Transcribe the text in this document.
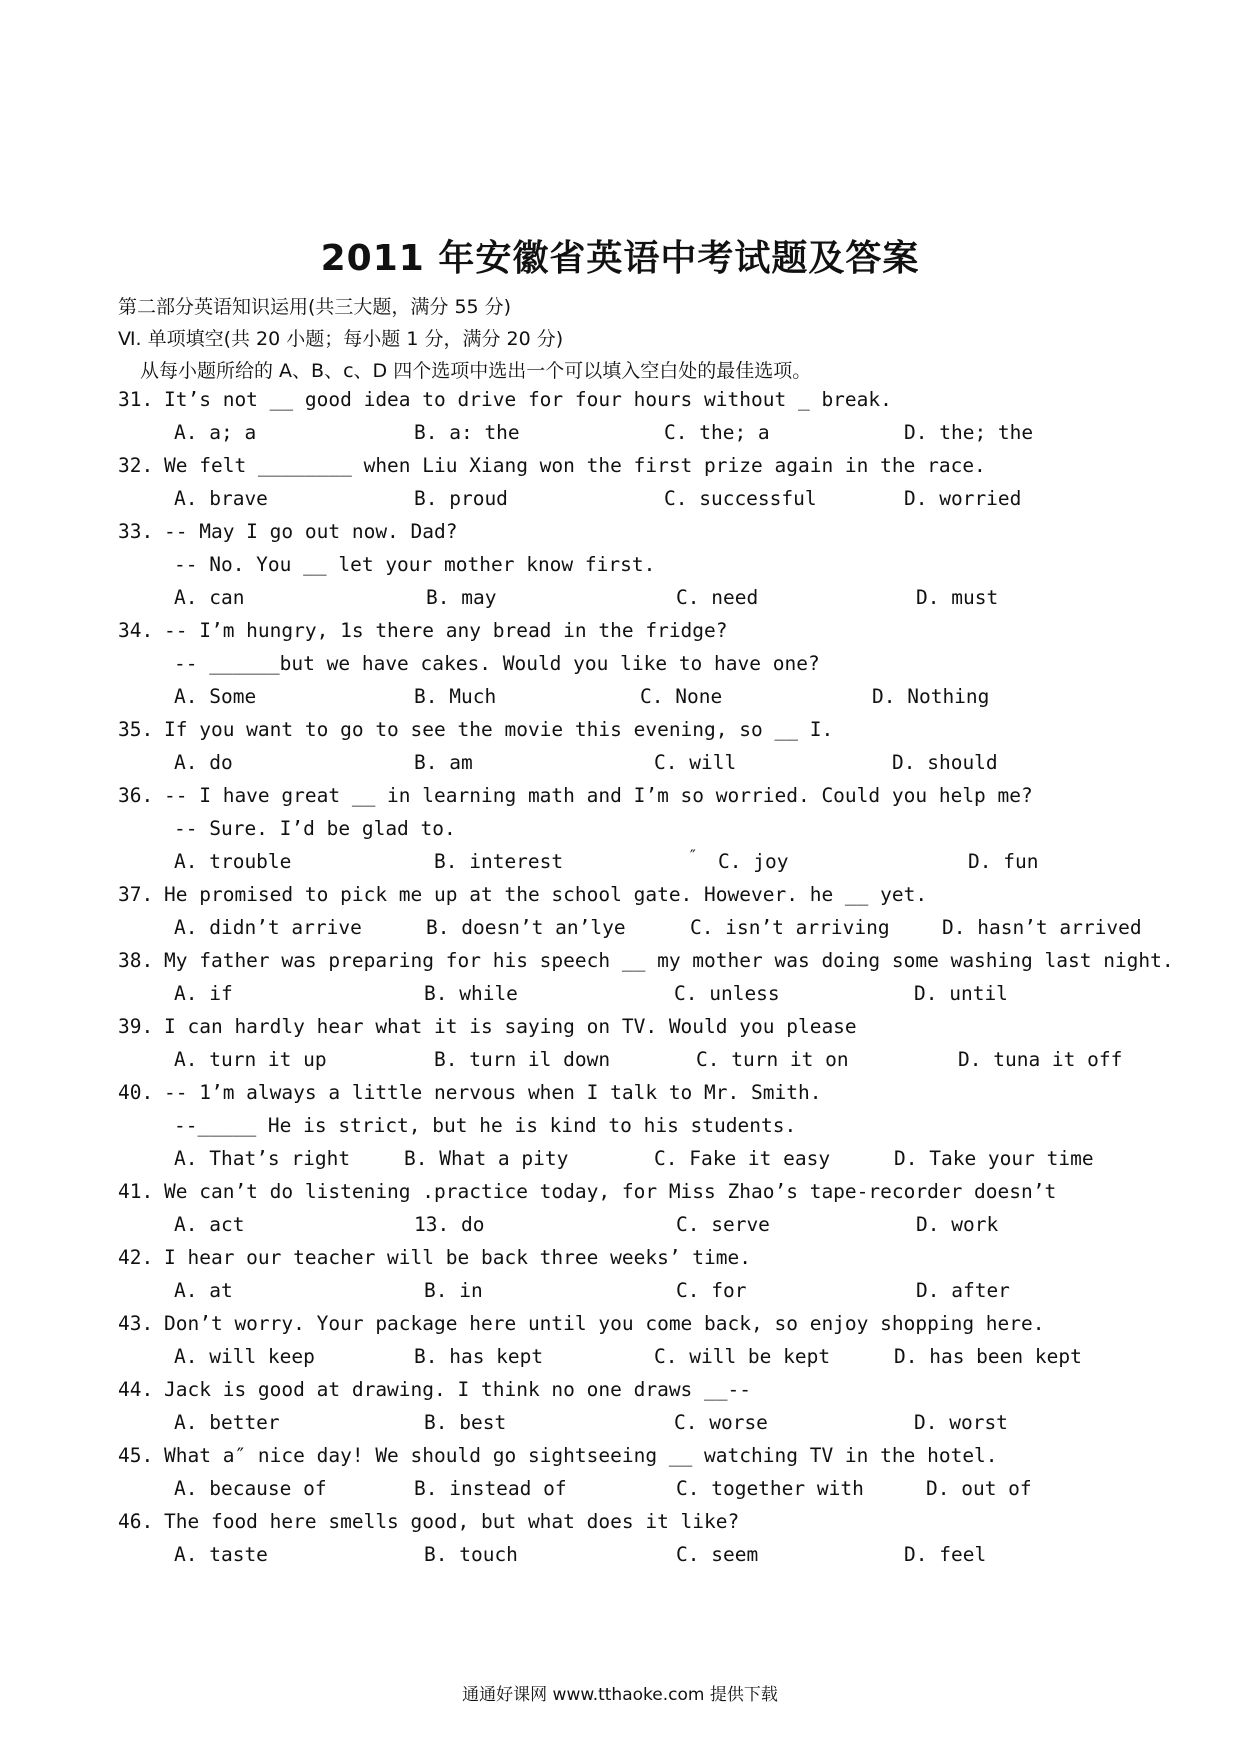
2011 年安徽省英语中考试题及答案
第二部分英语知识运用(共三大题，满分 55 分)
Ⅵ. 单项填空(共 20 小题；每小题 1 分，满分 20 分)
从每小题所给的 A、B、c、D 四个选项中选出一个可以填入空白处的最佳选项。
31. It’s not __ good idea to drive for four hours without _ break.
A. a; a	B. a: the	C. the; a	D. the; the
32. We felt ________ when Liu Xiang won the first prize again in the race.
A. brave	B. proud	C. successful	D. worried
33. -- May I go out now. Dad?
-- No. You __ let your mother know first.
A. can	B. may	C. need	D. must
34. -- I’m hungry, 1s there any bread in the fridge?
-- ______but we have cakes. Would you like to have one?
A. Some	B. Much	C. None	D. Nothing
35. If you want to go to see the movie this evening, so __ I.
A. do	B. am	C. will	D. should
36. -- I have great __ in learning math and I’m so worried. Could you help me?
-- Sure. I’d be glad to.
A. trouble	B. interest	″ C. joy	D. fun
37. He promised to pick me up at the school gate. However. he __ yet.
A. didn’t arrive	B. doesn’t an’lye	C. isn’t arriving	D. hasn’t arrived
38. My father was preparing for his speech __ my mother was doing some washing last night.
A. if	B. while	C. unless	D. until
39. I can hardly hear what it is saying on TV. Would you please
A. turn it up	B. turn il down	C. turn it on	D. tuna it off
40. -- 1’m always a little nervous when I talk to Mr. Smith.
--_____ He is strict, but he is kind to his students.
A. That’s right	B. What a pity	C. Fake it easy	D. Take your time
41. We can’t do listening .practice today, for Miss Zhao’s tape-recorder doesn’t
A. act	13. do	C. serve	D. work
42. I hear our teacher will be back three weeks’ time.
A. at	B. in	C. for	D. after
43. Don’t worry. Your package here until you come back, so enjoy shopping here.
A. will keep	B. has kept	C. will be kept	D. has been kept
44. Jack is good at drawing. I think no one draws __--
A. better	B. best	C. worse	D. worst
45. What a″ nice day! We should go sightseeing __ watching TV in the hotel.
A. because of	B. instead of	C. together with	D. out of
46. The food here smells good, but what does it like?
A. taste	B. touch	C. seem	D. feel
通通好课网 www.tthaoke.com 提供下载
